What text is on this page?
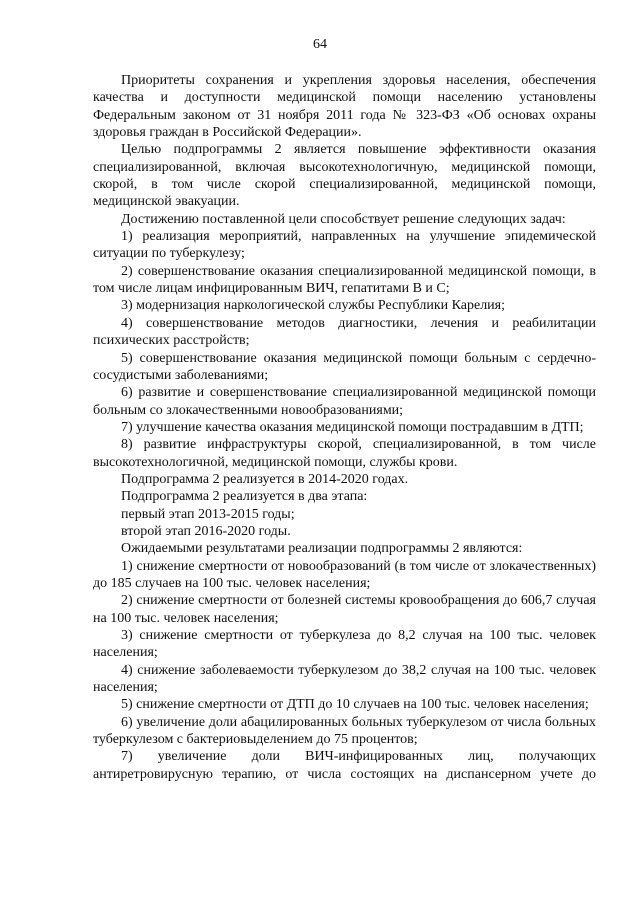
64

Приоритеты сохранения и укрепления здоровья населения, обеспечения качества и доступности медицинской помощи населению установлены Федеральным законом от 31 ноября 2011 года № 323-ФЗ «Об основах охраны здоровья граждан в Российской Федерации».

Целью подпрограммы 2 является повышение эффективности оказания специализированной, включая высокотехнологичную, медицинской помощи, скорой, в том числе скорой специализированной, медицинской помощи, медицинской эвакуации.

Достижению поставленной цели способствует решение следующих задач:

1) реализация мероприятий, направленных на улучшение эпидемической ситуации по туберкулезу;

2) совершенствование оказания специализированной медицинской помощи, в том числе лицам инфицированным ВИЧ, гепатитами В и С;

3) модернизация наркологической службы Республики Карелия;

4) совершенствование методов диагностики, лечения и реабилитации психических расстройств;

5) совершенствование оказания медицинской помощи больным с сердечно-сосудистыми заболеваниями;

6) развитие и совершенствование специализированной медицинской помощи больным со злокачественными новообразованиями;

7) улучшение качества оказания медицинской помощи пострадавшим в ДТП;

8) развитие инфраструктуры скорой, специализированной, в том числе высокотехнологичной, медицинской помощи, службы крови.

Подпрограмма 2 реализуется в 2014-2020 годах.

Подпрограмма 2 реализуется в два этапа:

первый этап 2013-2015 годы;

второй этап 2016-2020 годы.

Ожидаемыми результатами реализации подпрограммы 2 являются:

1) снижение смертности от новообразований (в том числе от злокачественных) до 185 случаев на 100 тыс. человек населения;

2) снижение смертности от болезней системы кровообращения до 606,7 случая на 100 тыс. человек населения;

3) снижение смертности от туберкулеза до 8,2 случая на 100 тыс. человек населения;

4) снижение заболеваемости туберкулезом до 38,2 случая на 100 тыс. человек населения;

5) снижение смертности от ДТП до 10 случаев на 100 тыс. человек населения;

6) увеличение доли абацилированных больных туберкулезом от числа больных туберкулезом с бактериовыделением до 75 процентов;

7) увеличение доли ВИЧ-инфицированных лиц, получающих антиретровирусную терапию, от числа состоящих на диспансерном учете до
